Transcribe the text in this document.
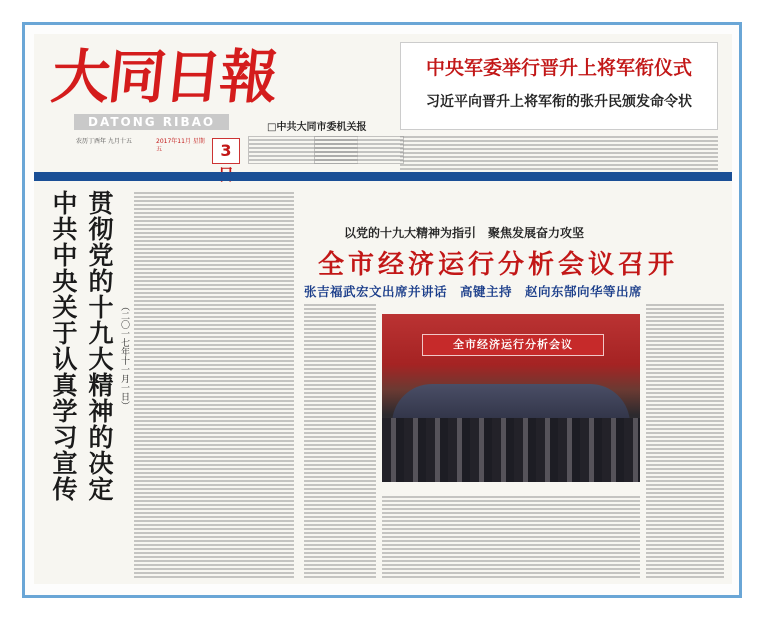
大同日報
DATONG RIBAO	□中共大同市委机关报
中央军委举行晋升上将军衔仪式
习近平向晋升上将军衔的张升民颁发命令状
农历丁酉年 九月十五	2017年11月 星期五	3
中共中央关于认真学习宣传 贯彻党的十九大精神的决定 （二〇一七年十一月一日）
以党的十九大精神为指引　聚焦发展奋力攻坚
全市经济运行分析会议召开
张吉福武宏文出席并讲话　高键主持　赵向东郜向华等出席
全市经济运行分析会议
